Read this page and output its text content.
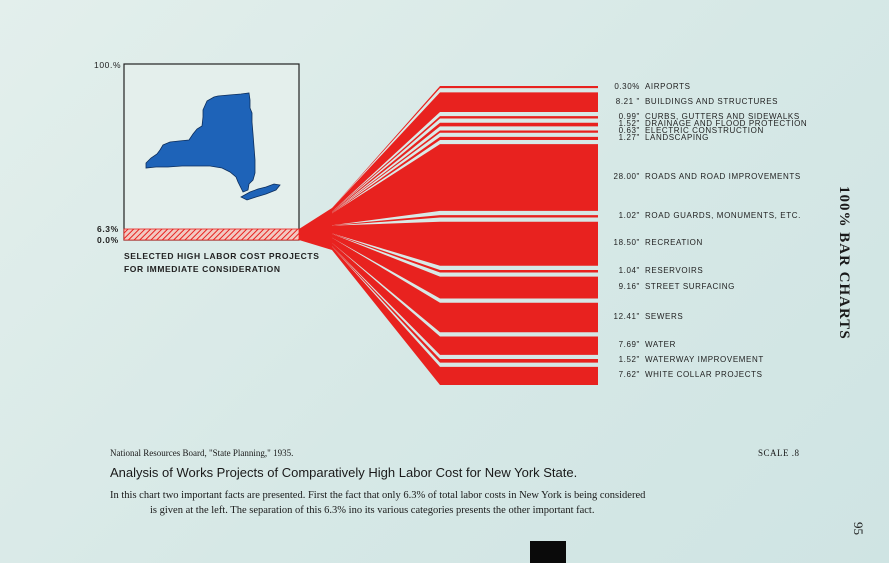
100.%
6.3%
0.0%
SELECTED HIGH LABOR COST PROJECTS
FOR IMMEDIATE CONSIDERATION
0.30% AIRPORTS
8.21 " BUILDINGS AND STRUCTURES
0.99" CURBS, GUTTERS AND SIDEWALKS
1.52" DRAINAGE AND FLOOD PROTECTION
0.63" ELECTRIC CONSTRUCTION
1.27" LANDSCAPING
28.00" ROADS AND ROAD IMPROVEMENTS
1.02" ROAD GUARDS, MONUMENTS, ETC.
18.50" RECREATION
1.04" RESERVOIRS
9.16" STREET SURFACING
12.41" SEWERS
7.69" WATER
1.52" WATERWAY IMPROVEMENT
7.62" WHITE COLLAR PROJECTS
National Resources Board, "State Planning," 1935.	SCALE .8
Analysis of Works Projects of Comparatively High Labor Cost for New York State.
In this chart two important facts are presented. First the fact that only 6.3% of total labor costs in New York is being considered
is given at the left. The separation of this 6.3% ino its various categories presents the other important fact.
100% BAR CHARTS
95
